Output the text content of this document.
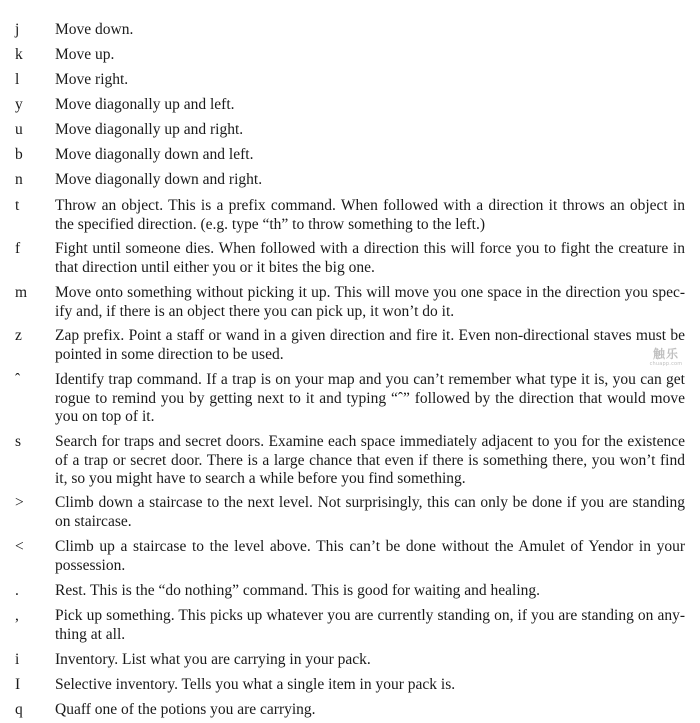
j Move down.
k Move up.
l Move right.
y Move diagonally up and left.
u Move diagonally up and right.
b Move diagonally down and left.
n Move diagonally down and right.
t Throw an object. This is a prefix command. When followed with a direction it throws an object in
the specified direction. (e.g. type “th” to throw something to the left.)
f Fight until someone dies. When followed with a direction this will force you to fight the creature in
that direction until either you or it bites the big one.
m Move onto something without picking it up. This will move you one space in the direction you spec-
ify and, if there is an object there you can pick up, it won’t do it.
z Zap prefix. Point a staff or wand in a given direction and fire it. Even non-directional staves must be
pointed in some direction to be used.
ˆ Identify trap command. If a trap is on your map and you can’t remember what type it is, you can get
rogue to remind you by getting next to it and typing “ˆ” followed by the direction that would move
you on top of it.
s Search for traps and secret doors. Examine each space immediately adjacent to you for the existence
of a trap or secret door. There is a large chance that even if there is something there, you won’t find
it, so you might have to search a while before you find something.
> Climb down a staircase to the next level. Not surprisingly, this can only be done if you are standing
on staircase.
< Climb up a staircase to the level above. This can’t be done without the Amulet of Yendor in your
possession.
. Rest. This is the “do nothing” command. This is good for waiting and healing.
, Pick up something. This picks up whatever you are currently standing on, if you are standing on any-
thing at all.
i Inventory. List what you are carrying in your pack.
I Selective inventory. Tells you what a single item in your pack is.
q Quaff one of the potions you are carrying.
触乐
chuapp.com
